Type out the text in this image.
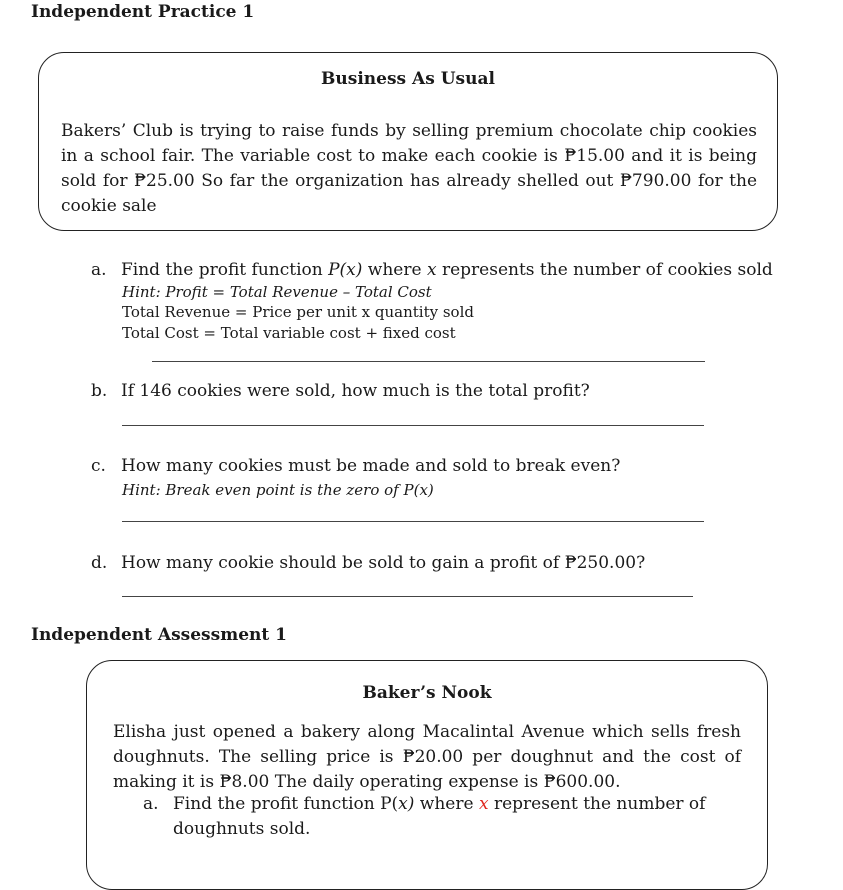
Independent Practice 1
Business As Usual
Bakers’ Club is trying to raise funds by selling premium chocolate chip cookies in a school fair. The variable cost to make each cookie is ₱15.00 and it is being sold for ₱25.00 So far the organization has already shelled out ₱790.00 for the cookie sale
a. Find the profit function P(x) where x represents the number of cookies sold
Hint: Profit = Total Revenue – Total Cost
Total Revenue = Price per unit x quantity sold
Total Cost = Total variable cost + fixed cost
b. If 146 cookies were sold, how much is the total profit?
c. How many cookies must be made and sold to break even?
Hint: Break even point is the zero of P(x)
d. How many cookie should be sold to gain a profit of ₱250.00?
Independent Assessment 1
Baker’s Nook
Elisha just opened a bakery along Macalintal Avenue which sells fresh doughnuts. The selling price is ₱20.00 per doughnut and the cost of making it is ₱8.00 The daily operating expense is ₱600.00.
a. Find the profit function P(x) where x represent the number of
doughnuts sold.
